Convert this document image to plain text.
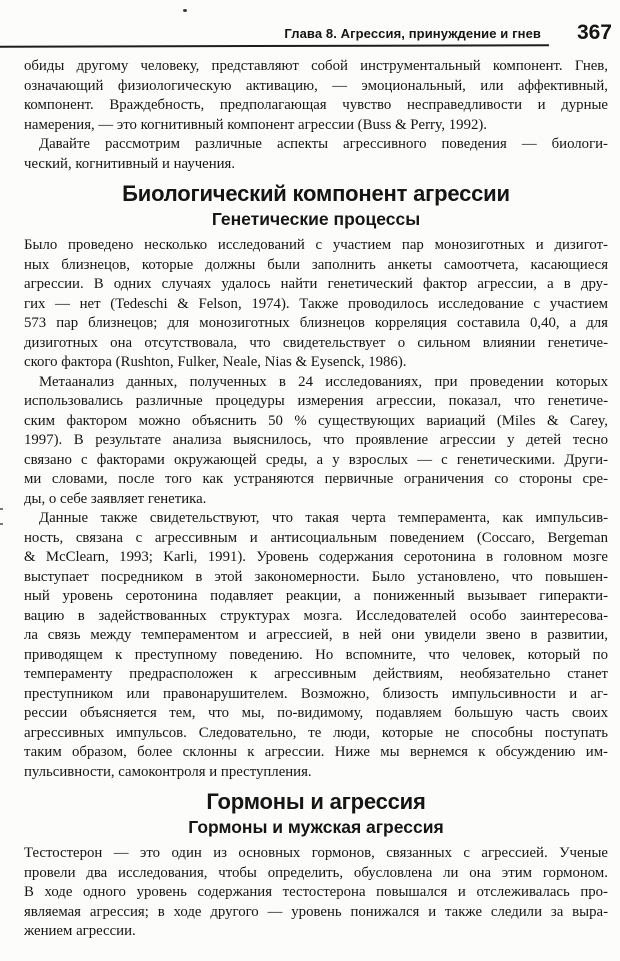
Глава 8. Агрессия, принуждение и гнев 367
обиды другому человеку, представляют собой инструментальный компонент. Гнев,
означающий физиологическую активацию, — эмоциональный, или аффективный,
компонент. Враждебность, предполагающая чувство несправедливости и дурные
намерения, — это когнитивный компонент агрессии (Buss & Perry, 1992).
Давайте рассмотрим различные аспекты агрессивного поведения — биологи-
ческий, когнитивный и научения.
Биологический компонент агрессии
Генетические процессы
Было проведено несколько исследований с участием пар монозиготных и дизигот-
ных близнецов, которые должны были заполнить анкеты самоотчета, касающиеся
агрессии. В одних случаях удалось найти генетический фактор агрессии, а в дру-
гих — нет (Tedeschi & Felson, 1974). Также проводилось исследование с участием
573 пар близнецов; для монозиготных близнецов корреляция составила 0,40, а для
дизиготных она отсутствовала, что свидетельствует о сильном влиянии генетиче-
ского фактора (Rushton, Fulker, Neale, Nias & Eysenck, 1986).
Метаанализ данных, полученных в 24 исследованиях, при проведении которых
использовались различные процедуры измерения агрессии, показал, что генетиче-
ским фактором можно объяснить 50 % существующих вариаций (Miles & Carey,
1997). В результате анализа выяснилось, что проявление агрессии у детей тесно
связано с факторами окружающей среды, а у взрослых — с генетическими. Други-
ми словами, после того как устраняются первичные ограничения со стороны сре-
ды, о себе заявляет генетика.
Данные также свидетельствуют, что такая черта темперамента, как импульсив-
ность, связана с агрессивным и антисоциальным поведением (Coccaro, Bergeman
& McClearn, 1993; Karli, 1991). Уровень содержания серотонина в головном мозге
выступает посредником в этой закономерности. Было установлено, что повышен-
ный уровень серотонина подавляет реакции, а пониженный вызывает гиперакти-
вацию в задействованных структурах мозга. Исследователей особо заинтересова-
ла связь между темпераментом и агрессией, в ней они увидели звено в развитии,
приводящем к преступному поведению. Но вспомните, что человек, который по
темпераменту предрасположен к агрессивным действиям, необязательно станет
преступником или правонарушителем. Возможно, близость импульсивности и аг-
рессии объясняется тем, что мы, по-видимому, подавляем большую часть своих
агрессивных импульсов. Следовательно, те люди, которые не способны поступать
таким образом, более склонны к агрессии. Ниже мы вернемся к обсуждению им-
пульсивности, самоконтроля и преступления.
Гормоны и агрессия
Гормоны и мужская агрессия
Тестостерон — это один из основных гормонов, связанных с агрессией. Ученые
провели два исследования, чтобы определить, обусловлена ли она этим гормоном.
В ходе одного уровень содержания тестостерона повышался и отслеживалась про-
являемая агрессия; в ходе другого — уровень понижался и также следили за выра-
жением агрессии.
